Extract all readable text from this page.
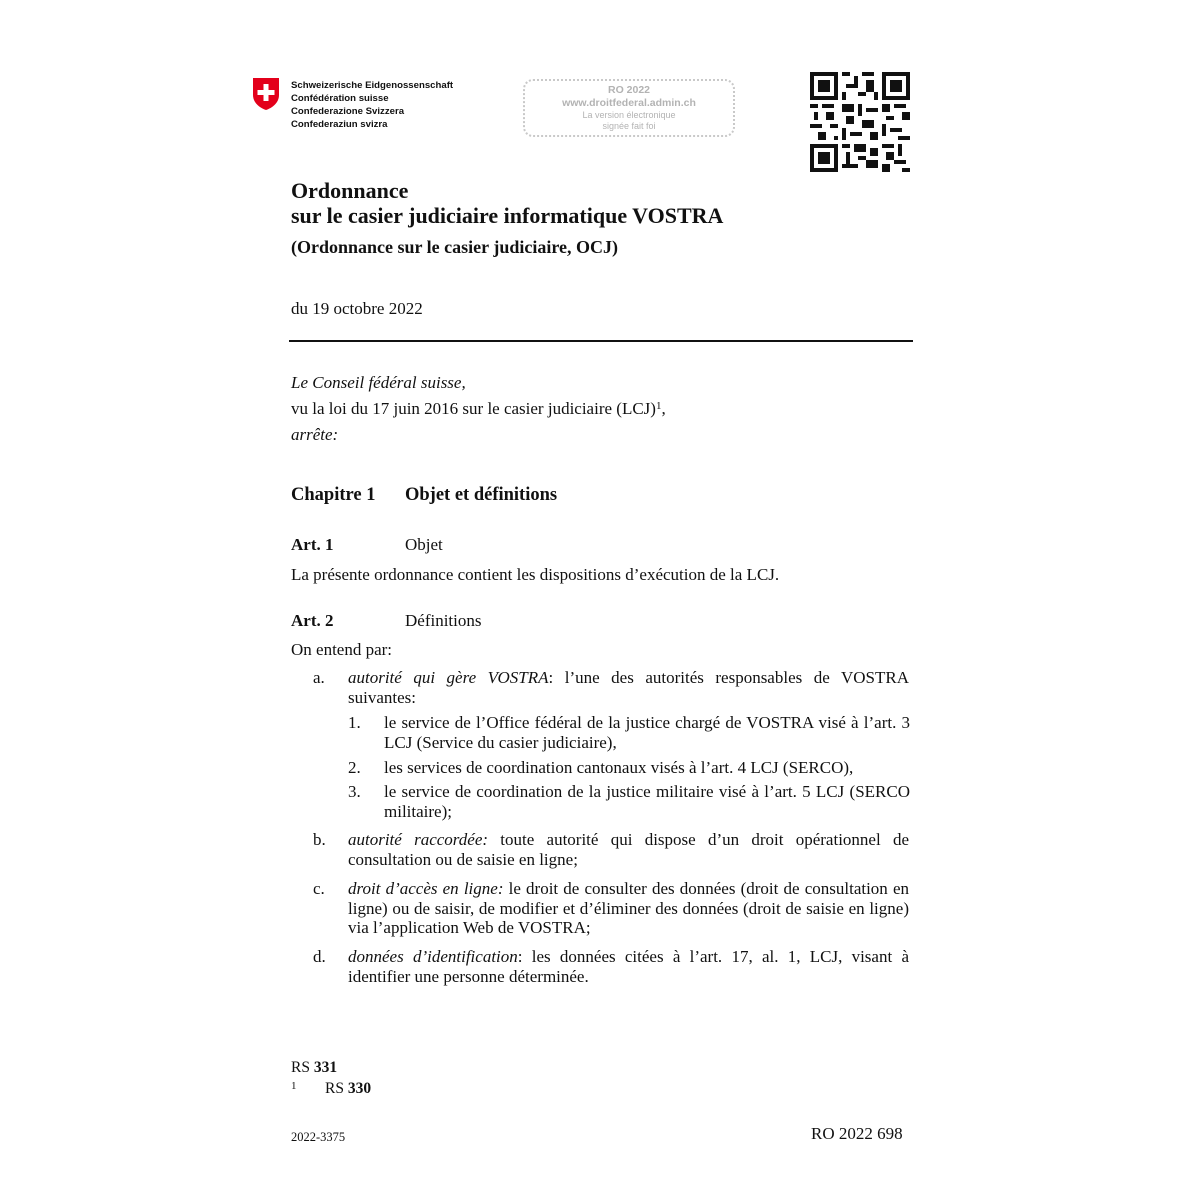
Schweizerische Eidgenossenschaft
Confédération suisse
Confederazione Svizzera
Confederaziun svizra
RO 2022
www.droitfederal.admin.ch
La version électronique
signée fait foi
Ordonnance
sur le casier judiciaire informatique VOSTRA
(Ordonnance sur le casier judiciaire, OCJ)
du 19 octobre 2022
Le Conseil fédéral suisse,
vu la loi du 17 juin 2016 sur le casier judiciaire (LCJ)$^1$,
arrête:
Chapitre 1 Objet et définitions
Art. 1	Objet
La présente ordonnance contient les dispositions d’exécution de la LCJ.
Art. 2	Définitions
On entend par:
a. autorité qui gère VOSTRA: l’une des autorités responsables de VOSTRA suivantes:
1. le service de l’Office fédéral de la justice chargé de VOSTRA visé à l’art. 3 LCJ (Service du casier judiciaire),
2. les services de coordination cantonaux visés à l’art. 4 LCJ (SERCO),
3. le service de coordination de la justice militaire visé à l’art. 5 LCJ (SERCO militaire);
b. autorité raccordée: toute autorité qui dispose d’un droit opérationnel de consultation ou de saisie en ligne;
c. droit d’accès en ligne: le droit de consulter des données (droit de consultation en ligne) ou de saisir, de modifier et d’éliminer des données (droit de saisie en ligne) via l’application Web de VOSTRA;
d. données d’identification: les données citées à l’art. 17, al. 1, LCJ, visant à identifier une personne déterminée.
RS 331
1 RS 330
2022-3375	RO 2022 698
